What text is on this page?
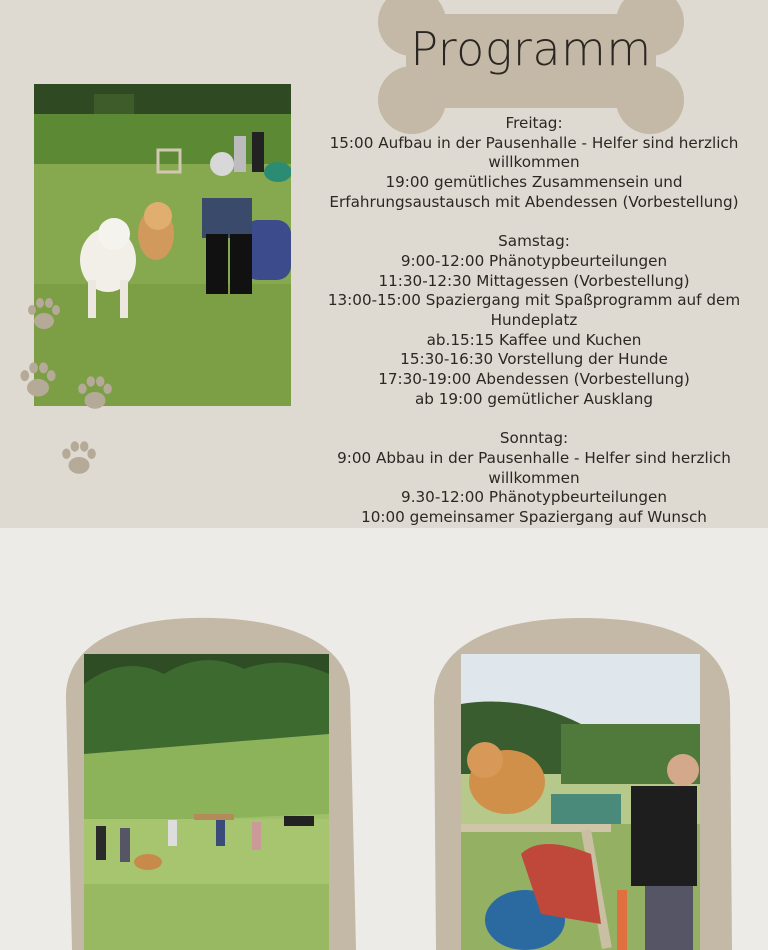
Programm
Freitag:
15:00 Aufbau in der Pausenhalle - Helfer sind herzlich
willkommen
19:00 gemütliches Zusammensein und
Erfahrungsaustausch mit Abendessen (Vorbestellung)
Samstag:
9:00-12:00 Phänotypbeurteilungen
11:30-12:30 Mittagessen (Vorbestellung)
13:00-15:00 Spaziergang mit Spaßprogramm auf dem
Hundeplatz
ab.15:15 Kaffee und Kuchen
15:30-16:30 Vorstellung der Hunde
17:30-19:00 Abendessen (Vorbestellung)
ab 19:00 gemütlicher Ausklang
Sonntag:
9:00 Abbau in der Pausenhalle - Helfer sind herzlich
willkommen
9.30-12:00 Phänotypbeurteilungen
10:00 gemeinsamer Spaziergang auf Wunsch
